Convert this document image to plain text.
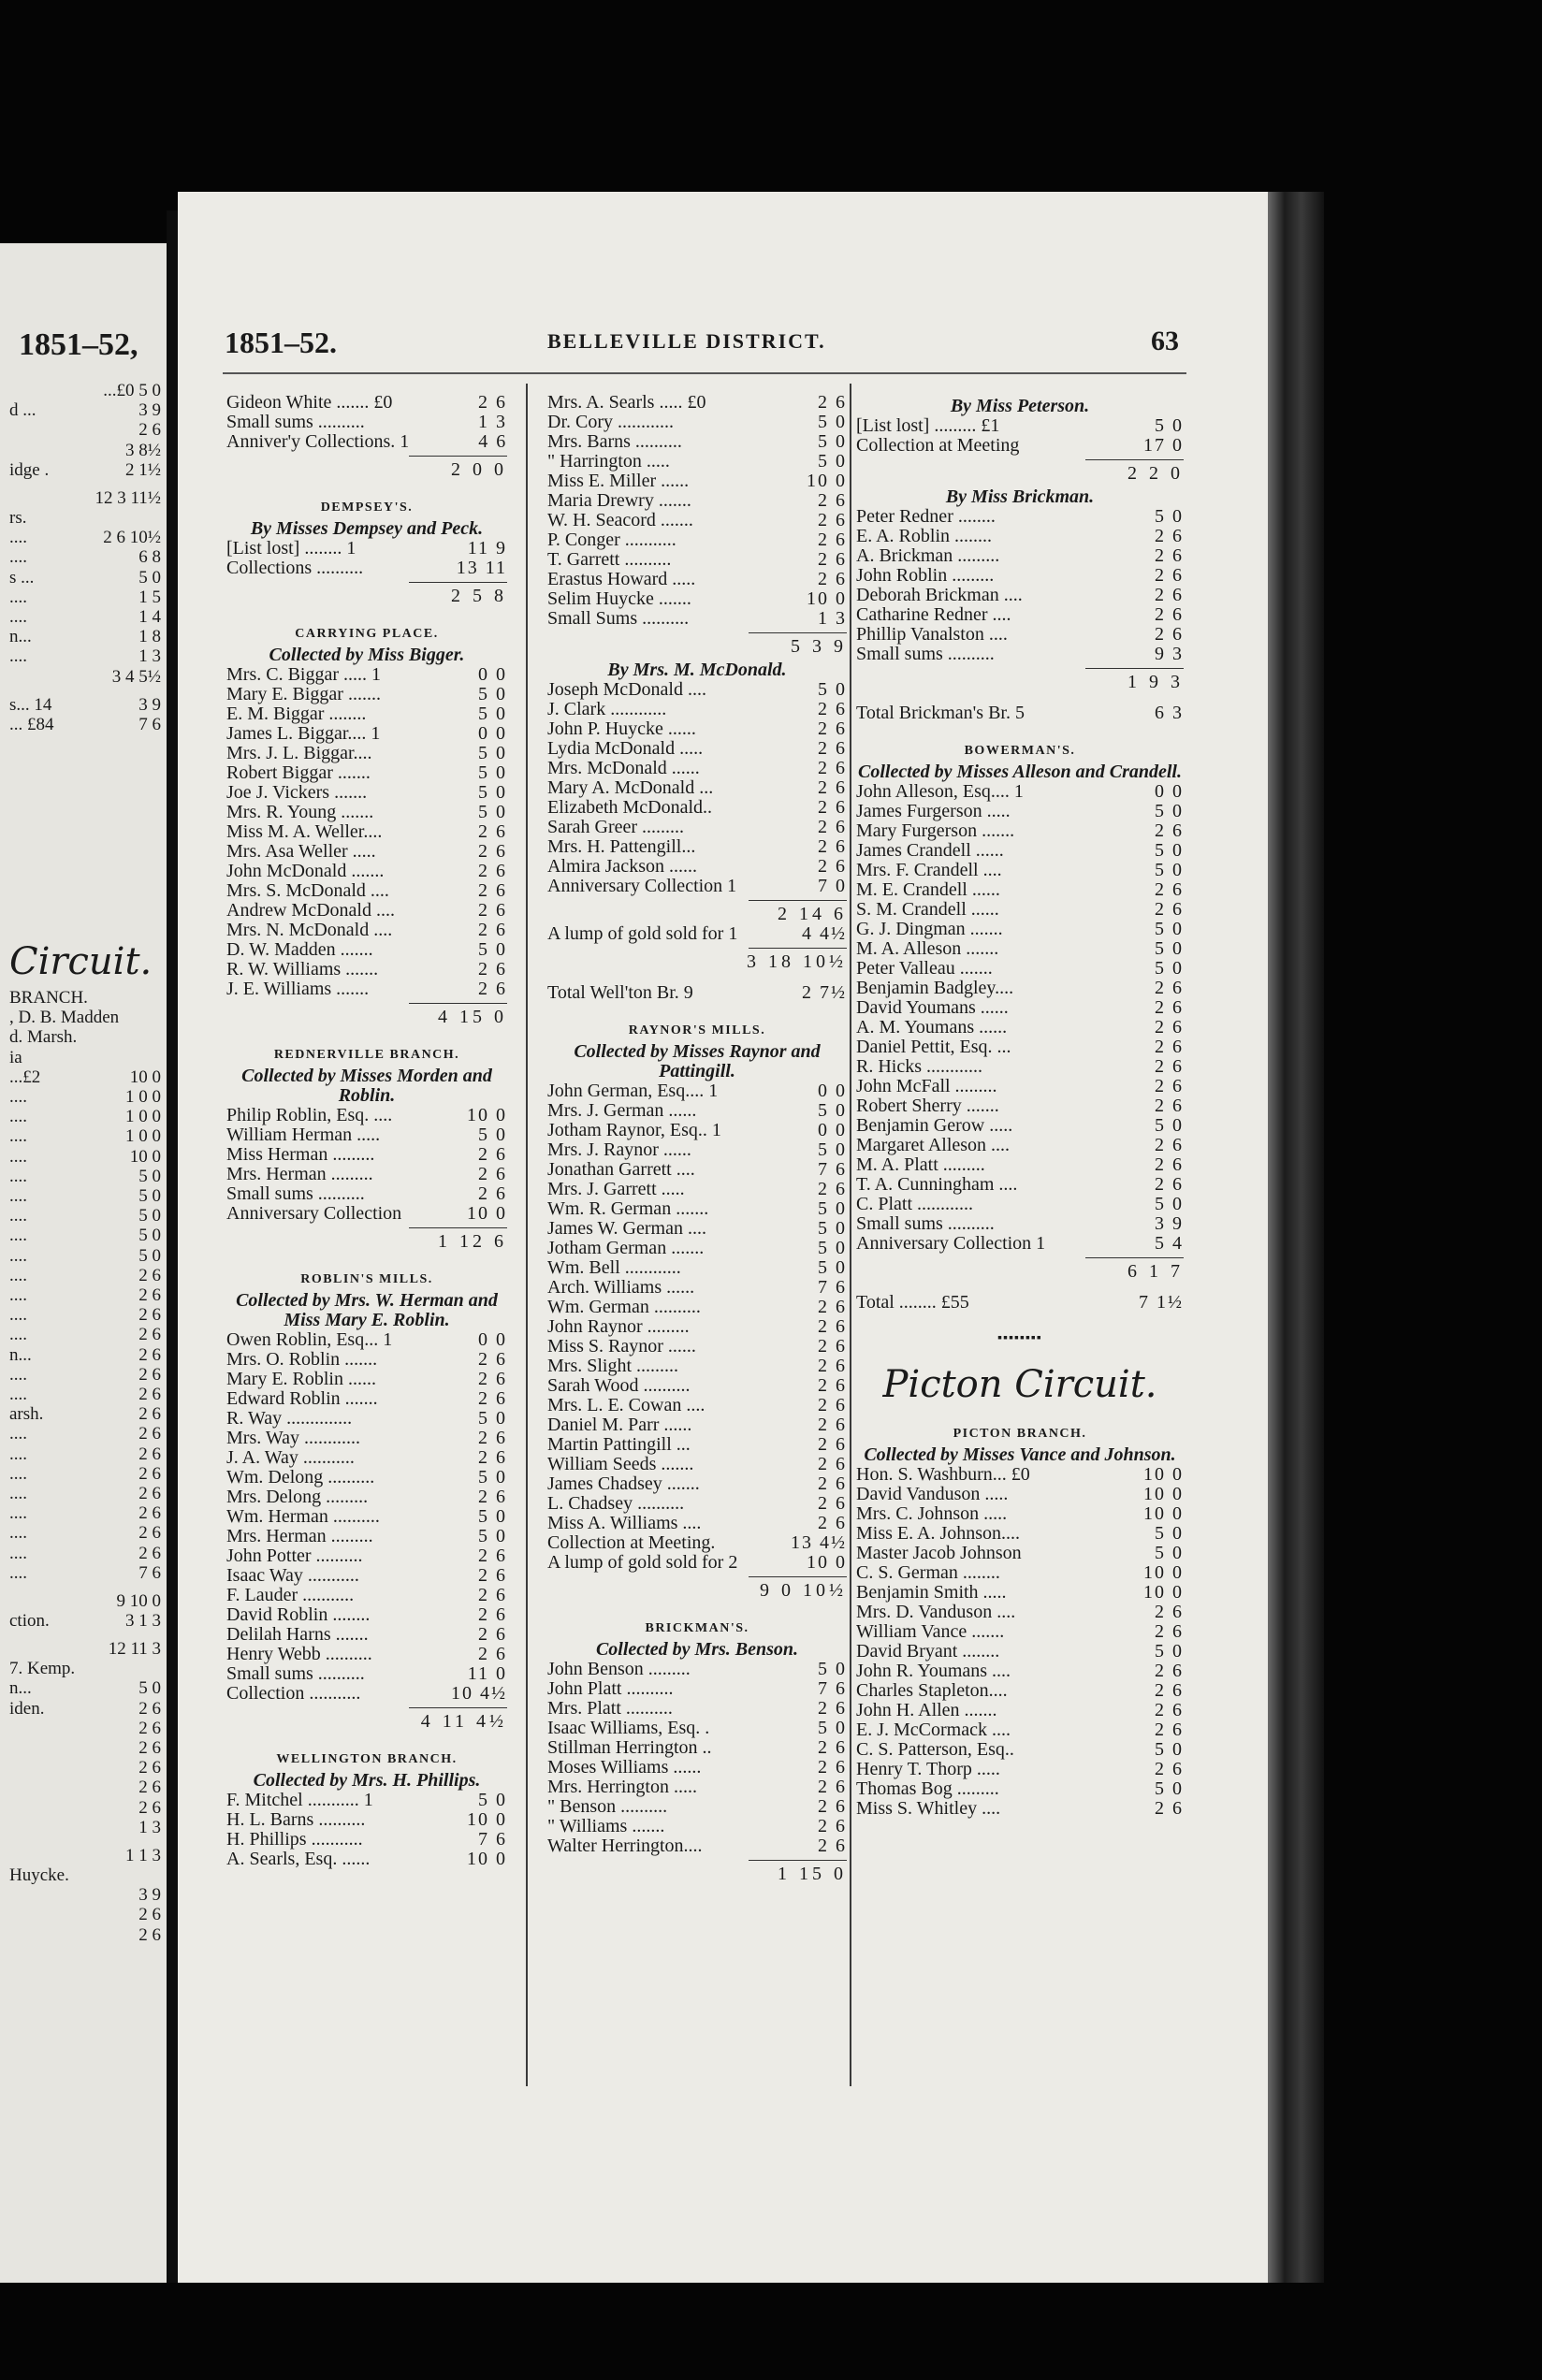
1851–52,
Circuit.
...£0 5 0
d ...	3 9
2 6
3 8½
idge .	2 1½
12 3 11½
rs.
....	2 6 10½
....	6 8
s ...	5 0
....	1 5
....	1 4
n...	1 8
....	1 3
3 4 5½
s... 14	3 9
... £84	7 6
BRANCH.
, D. B. Madden
d. Marsh.
ia
...£2	10 0
....	1 0 0
....	1 0 0
....	1 0 0
....	10 0
....	5 0
....	5 0
....	5 0
....	5 0
....	5 0
....	2 6
....	2 6
....	2 6
....	2 6
n...	2 6
....	2 6
....	2 6
arsh.	2 6
....	2 6
....	2 6
....	2 6
....	2 6
....	2 6
....	2 6
....	2 6
....	7 6
9 10 0
ction.	3 1 3
12 11 3
7. Kemp.
n...	5 0
iden.	2 6
2 6
2 6
2 6
2 6
2 6
1 3
1 1 3
Huycke.
3 9
2 6
2 6
1851–52.	BELLEVILLE DISTRICT.	63
Gideon White ....... £0	2 6
Small sums ..........	1 3
Anniver'y Collections. 1	4 6
2 0 0
DEMPSEY'S.
By Misses Dempsey and Peck.
[List lost] ........ 1	11 9
Collections ..........	13 11
2 5 8
CARRYING PLACE.
Collected by Miss Bigger.
Mrs. C. Biggar ..... 1	0 0
Mary E. Biggar .......	5 0
E. M. Biggar ........	5 0
James L. Biggar.... 1	0 0
Mrs. J. L. Biggar....	5 0
Robert Biggar .......	5 0
Joe J. Vickers .......	5 0
Mrs. R. Young .......	5 0
Miss M. A. Weller....	2 6
Mrs. Asa Weller .....	2 6
John McDonald .......	2 6
Mrs. S. McDonald ....	2 6
Andrew McDonald ....	2 6
Mrs. N. McDonald ....	2 6
D. W. Madden .......	5 0
R. W. Williams .......	2 6
J. E. Williams .......	2 6
4 15 0
REDNERVILLE BRANCH.
Collected by Misses Morden and Roblin.
Philip Roblin, Esq. ....	10 0
William Herman .....	5 0
Miss Herman .........	2 6
Mrs. Herman .........	2 6
Small sums ..........	2 6
Anniversary Collection	10 0
1 12 6
ROBLIN'S MILLS.
Collected by Mrs. W. Herman and Miss Mary E. Roblin.
Owen Roblin, Esq... 1	0 0
Mrs. O. Roblin .......	2 6
Mary E. Roblin ......	2 6
Edward Roblin .......	2 6
R. Way ..............	5 0
Mrs. Way ............	2 6
J. A. Way ...........	2 6
Wm. Delong ..........	5 0
Mrs. Delong .........	2 6
Wm. Herman ..........	5 0
Mrs. Herman .........	5 0
John Potter ..........	2 6
Isaac Way ...........	2 6
F. Lauder ...........	2 6
David Roblin ........	2 6
Delilah Harns .......	2 6
Henry Webb ..........	2 6
Small sums ..........	11 0
Collection ...........	10 4½
4 11 4½
WELLINGTON BRANCH.
Collected by Mrs. H. Phillips.
F. Mitchel ........... 1	5 0
H. L. Barns ..........	10 0
H. Phillips ...........	7 6
A. Searls, Esq. ......	10 0
Mrs. A. Searls ..... £0	2 6
Dr. Cory ............	5 0
Mrs. Barns ..........	5 0
" Harrington .....	5 0
Miss E. Miller ......	10 0
Maria Drewry .......	2 6
W. H. Seacord .......	2 6
P. Conger ...........	2 6
T. Garrett ..........	2 6
Erastus Howard .....	2 6
Selim Huycke .......	10 0
Small Sums ..........	1 3
5 3 9
By Mrs. M. McDonald.
Joseph McDonald ....	5 0
J. Clark ............	2 6
John P. Huycke ......	2 6
Lydia McDonald .....	2 6
Mrs. McDonald ......	2 6
Mary A. McDonald ...	2 6
Elizabeth McDonald..	2 6
Sarah Greer .........	2 6
Mrs. H. Pattengill...	2 6
Almira Jackson ......	2 6
Anniversary Collection 1	7 0
2 14 6
A lump of gold sold for 1	4 4½
3 18 10½
Total Well'ton Br. 9	2 7½
RAYNOR'S MILLS.
Collected by Misses Raynor and Pattingill.
John German, Esq.... 1	0 0
Mrs. J. German ......	5 0
Jotham Raynor, Esq.. 1	0 0
Mrs. J. Raynor ......	5 0
Jonathan Garrett ....	7 6
Mrs. J. Garrett .....	2 6
Wm. R. German .......	5 0
James W. German ....	5 0
Jotham German .......	5 0
Wm. Bell ............	5 0
Arch. Williams ......	7 6
Wm. German ..........	2 6
John Raynor .........	2 6
Miss S. Raynor ......	2 6
Mrs. Slight .........	2 6
Sarah Wood ..........	2 6
Mrs. L. E. Cowan ....	2 6
Daniel M. Parr ......	2 6
Martin Pattingill ...	2 6
William Seeds .......	2 6
James Chadsey .......	2 6
L. Chadsey ..........	2 6
Miss A. Williams ....	2 6
Collection at Meeting.	13 4½
A lump of gold sold for 2	10 0
9 0 10½
BRICKMAN'S.
Collected by Mrs. Benson.
John Benson .........	5 0
John Platt ..........	7 6
Mrs. Platt ..........	2 6
Isaac Williams, Esq. .	5 0
Stillman Herrington ..	2 6
Moses Williams ......	2 6
Mrs. Herrington .....	2 6
" Benson ..........	2 6
" Williams .......	2 6
Walter Herrington....	2 6
1 15 0
By Miss Peterson.
[List lost] ......... £1	5 0
Collection at Meeting	17 0
2 2 0
By Miss Brickman.
Peter Redner ........	5 0
E. A. Roblin ........	2 6
A. Brickman .........	2 6
John Roblin .........	2 6
Deborah Brickman ....	2 6
Catharine Redner ....	2 6
Phillip Vanalston ....	2 6
Small sums ..........	9 3
1 9 3
Total Brickman's Br. 5	6 3
BOWERMAN'S.
Collected by Misses Alleson and Crandell.
John Alleson, Esq.... 1	0 0
James Furgerson .....	5 0
Mary Furgerson .......	2 6
James Crandell ......	5 0
Mrs. F. Crandell ....	5 0
M. E. Crandell ......	2 6
S. M. Crandell ......	2 6
G. J. Dingman .......	5 0
M. A. Alleson .......	5 0
Peter Valleau .......	5 0
Benjamin Badgley....	2 6
David Youmans ......	2 6
A. M. Youmans ......	2 6
Daniel Pettit, Esq. ...	2 6
R. Hicks ............	2 6
John McFall .........	2 6
Robert Sherry .......	2 6
Benjamin Gerow .....	5 0
Margaret Alleson ....	2 6
M. A. Platt .........	2 6
T. A. Cunningham ....	2 6
C. Platt ............	5 0
Small sums ..........	3 9
Anniversary Collection 1	5 4
6 1 7
Total ........ £55	7 1½
▪▪▪▪▪▪▪▪
Picton Circuit.
PICTON BRANCH.
Collected by Misses Vance and Johnson.
Hon. S. Washburn... £0	10 0
David Vanduson .....	10 0
Mrs. C. Johnson .....	10 0
Miss E. A. Johnson....	5 0
Master Jacob Johnson	5 0
C. S. German ........	10 0
Benjamin Smith .....	10 0
Mrs. D. Vanduson ....	2 6
William Vance .......	2 6
David Bryant ........	5 0
John R. Youmans ....	2 6
Charles Stapleton....	2 6
John H. Allen .......	2 6
E. J. McCormack ....	2 6
C. S. Patterson, Esq..	5 0
Henry T. Thorp .....	2 6
Thomas Bog .........	5 0
Miss S. Whitley ....	2 6
